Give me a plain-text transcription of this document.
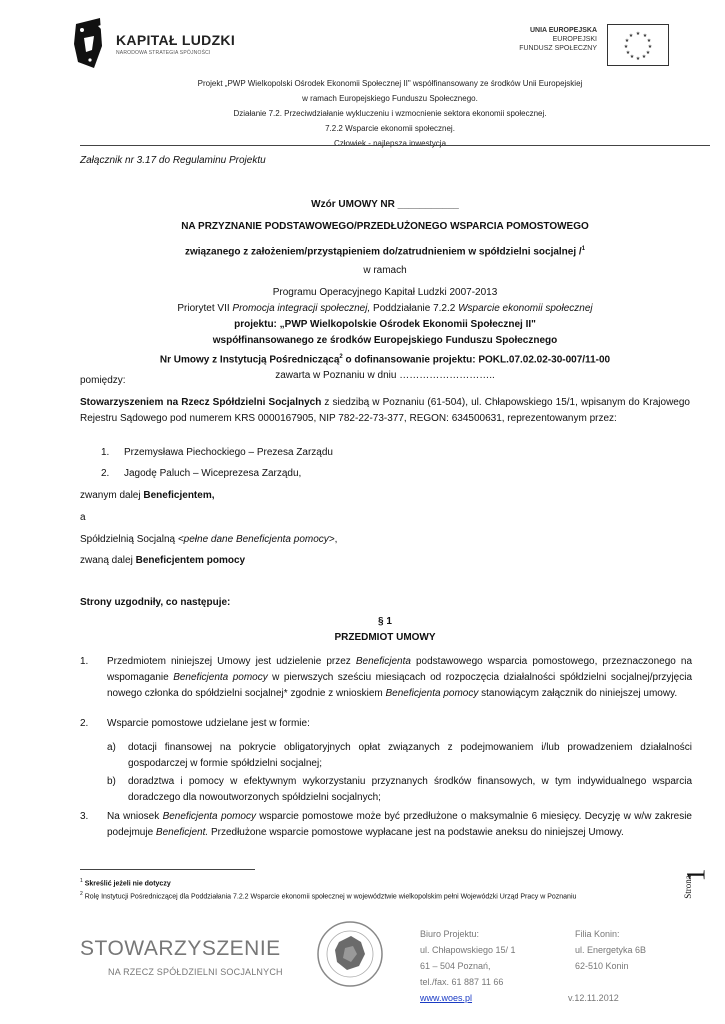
KAPITAŁ LUDZKI
NARODOWA STRATEGIA SPÓJNOŚCI
UNIA EUROPEJSKA
EUROPEJSKI
FUNDUSZ SPOŁECZNY
★ ★
★
★
★
★
★
★
★
★
★
★
Projekt „PWP Wielkopolski Ośrodek Ekonomii Społecznej II" współfinansowany ze środków Unii Europejskiej
w ramach Europejskiego Funduszu Społecznego.
Działanie 7.2. Przeciwdziałanie wykluczeniu i wzmocnienie sektora ekonomii społecznej.
7.2.2 Wsparcie ekonomii społecznej.
Człowiek - najlepsza inwestycja
Załącznik nr 3.17 do Regulaminu Projektu
Wzór UMOWY NR ___________
NA PRZYZNANIE PODSTAWOWEGO/PRZEDŁUŻONEGO WSPARCIA POMOSTOWEGO
związanego z założeniem/przystąpieniem do/zatrudnieniem w spółdzielni socjalnej /$^1$
w ramach
Programu Operacyjnego Kapitał Ludzki 2007-2013
Priorytet VII Promocja integracji społecznej, Poddziałanie 7.2.2 Wsparcie ekonomii społecznej
projektu: „PWP Wielkopolskie Ośrodek Ekonomii Społecznej II"
współfinansowanego ze środków Europejskiego Funduszu Społecznego
Nr Umowy z Instytucją Pośredniczącą$^2$ o dofinansowanie projektu: POKL.07.02.02-30-007/11-00
zawarta w Poznaniu w dniu ………………………..
pomiędzy:

Stowarzyszeniem na Rzecz Spółdzielni Socjalnych z siedzibą w Poznaniu (61-504), ul. Chłapowskiego 15/1, wpisanym do Krajowego Rejestru Sądowego pod numerem KRS 0000167905, NIP 782-22-73-377, REGON: 634500631, reprezentowanym przez:

1. Przemysława Piechockiego – Prezesa Zarządu
2. Jagodę Paluch – Wiceprezesa Zarządu,
zwanym dalej Beneficjentem,
a
Spółdzielnią Socjalną <pełne dane Beneficjenta pomocy>,
zwaną dalej Beneficjentem pomocy
Strony uzgodniły, co następuje:
§ 1
PRZEDMIOT UMOWY
1. Przedmiotem niniejszej Umowy jest udzielenie przez Beneficjenta podstawowego wsparcia pomostowego, przeznaczonego na wspomaganie Beneficjenta pomocy w pierwszych sześciu miesiącach od rozpoczęcia działalności spółdzielni socjalnej/przyjęcia nowego członka do spółdzielni socjalnej* zgodnie z wnioskiem Beneficjenta pomocy stanowiącym załącznik do niniejszej umowy.
2. Wsparcie pomostowe udzielane jest w formie:
a) dotacji finansowej na pokrycie obligatoryjnych opłat związanych z podejmowaniem i/lub prowadzeniem działalności gospodarczej w formie spółdzielni socjalnej;
b) doradztwa i pomocy w efektywnym wykorzystaniu przyznanych środków finansowych, w tym indywidualnego wsparcia doradczego dla nowoutworzonych spółdzielni socjalnych;
3. Na wniosek Beneficjenta pomocy wsparcie pomostowe może być przedłużone o maksymalnie 6 miesięcy. Decyzję w w/w zakresie podejmuje Beneficjent. Przedłużone wsparcie pomostowe wypłacane jest na podstawie aneksu do niniejszej Umowy.
$^1$ Skreślić jeżeli nie dotyczy
$^2$ Rolę Instytucji Pośredniczącej dla Poddziałania 7.2.2 Wsparcie ekonomii społecznej w województwie wielkopolskim pełni Wojewódzki Urząd Pracy w Poznaniu
1
Strona
STOWARZYSZENIE
NA RZECZ SPÓŁDZIELNI SOCJALNYCH
Biuro Projektu:
ul. Chłapowskiego 15/ 1
61 – 504 Poznań,
tel./fax. 61 887 11 66
www.woes.pl
Filia Konin:
ul. Energetyka 6B
62-510 Konin
v.12.11.2012
